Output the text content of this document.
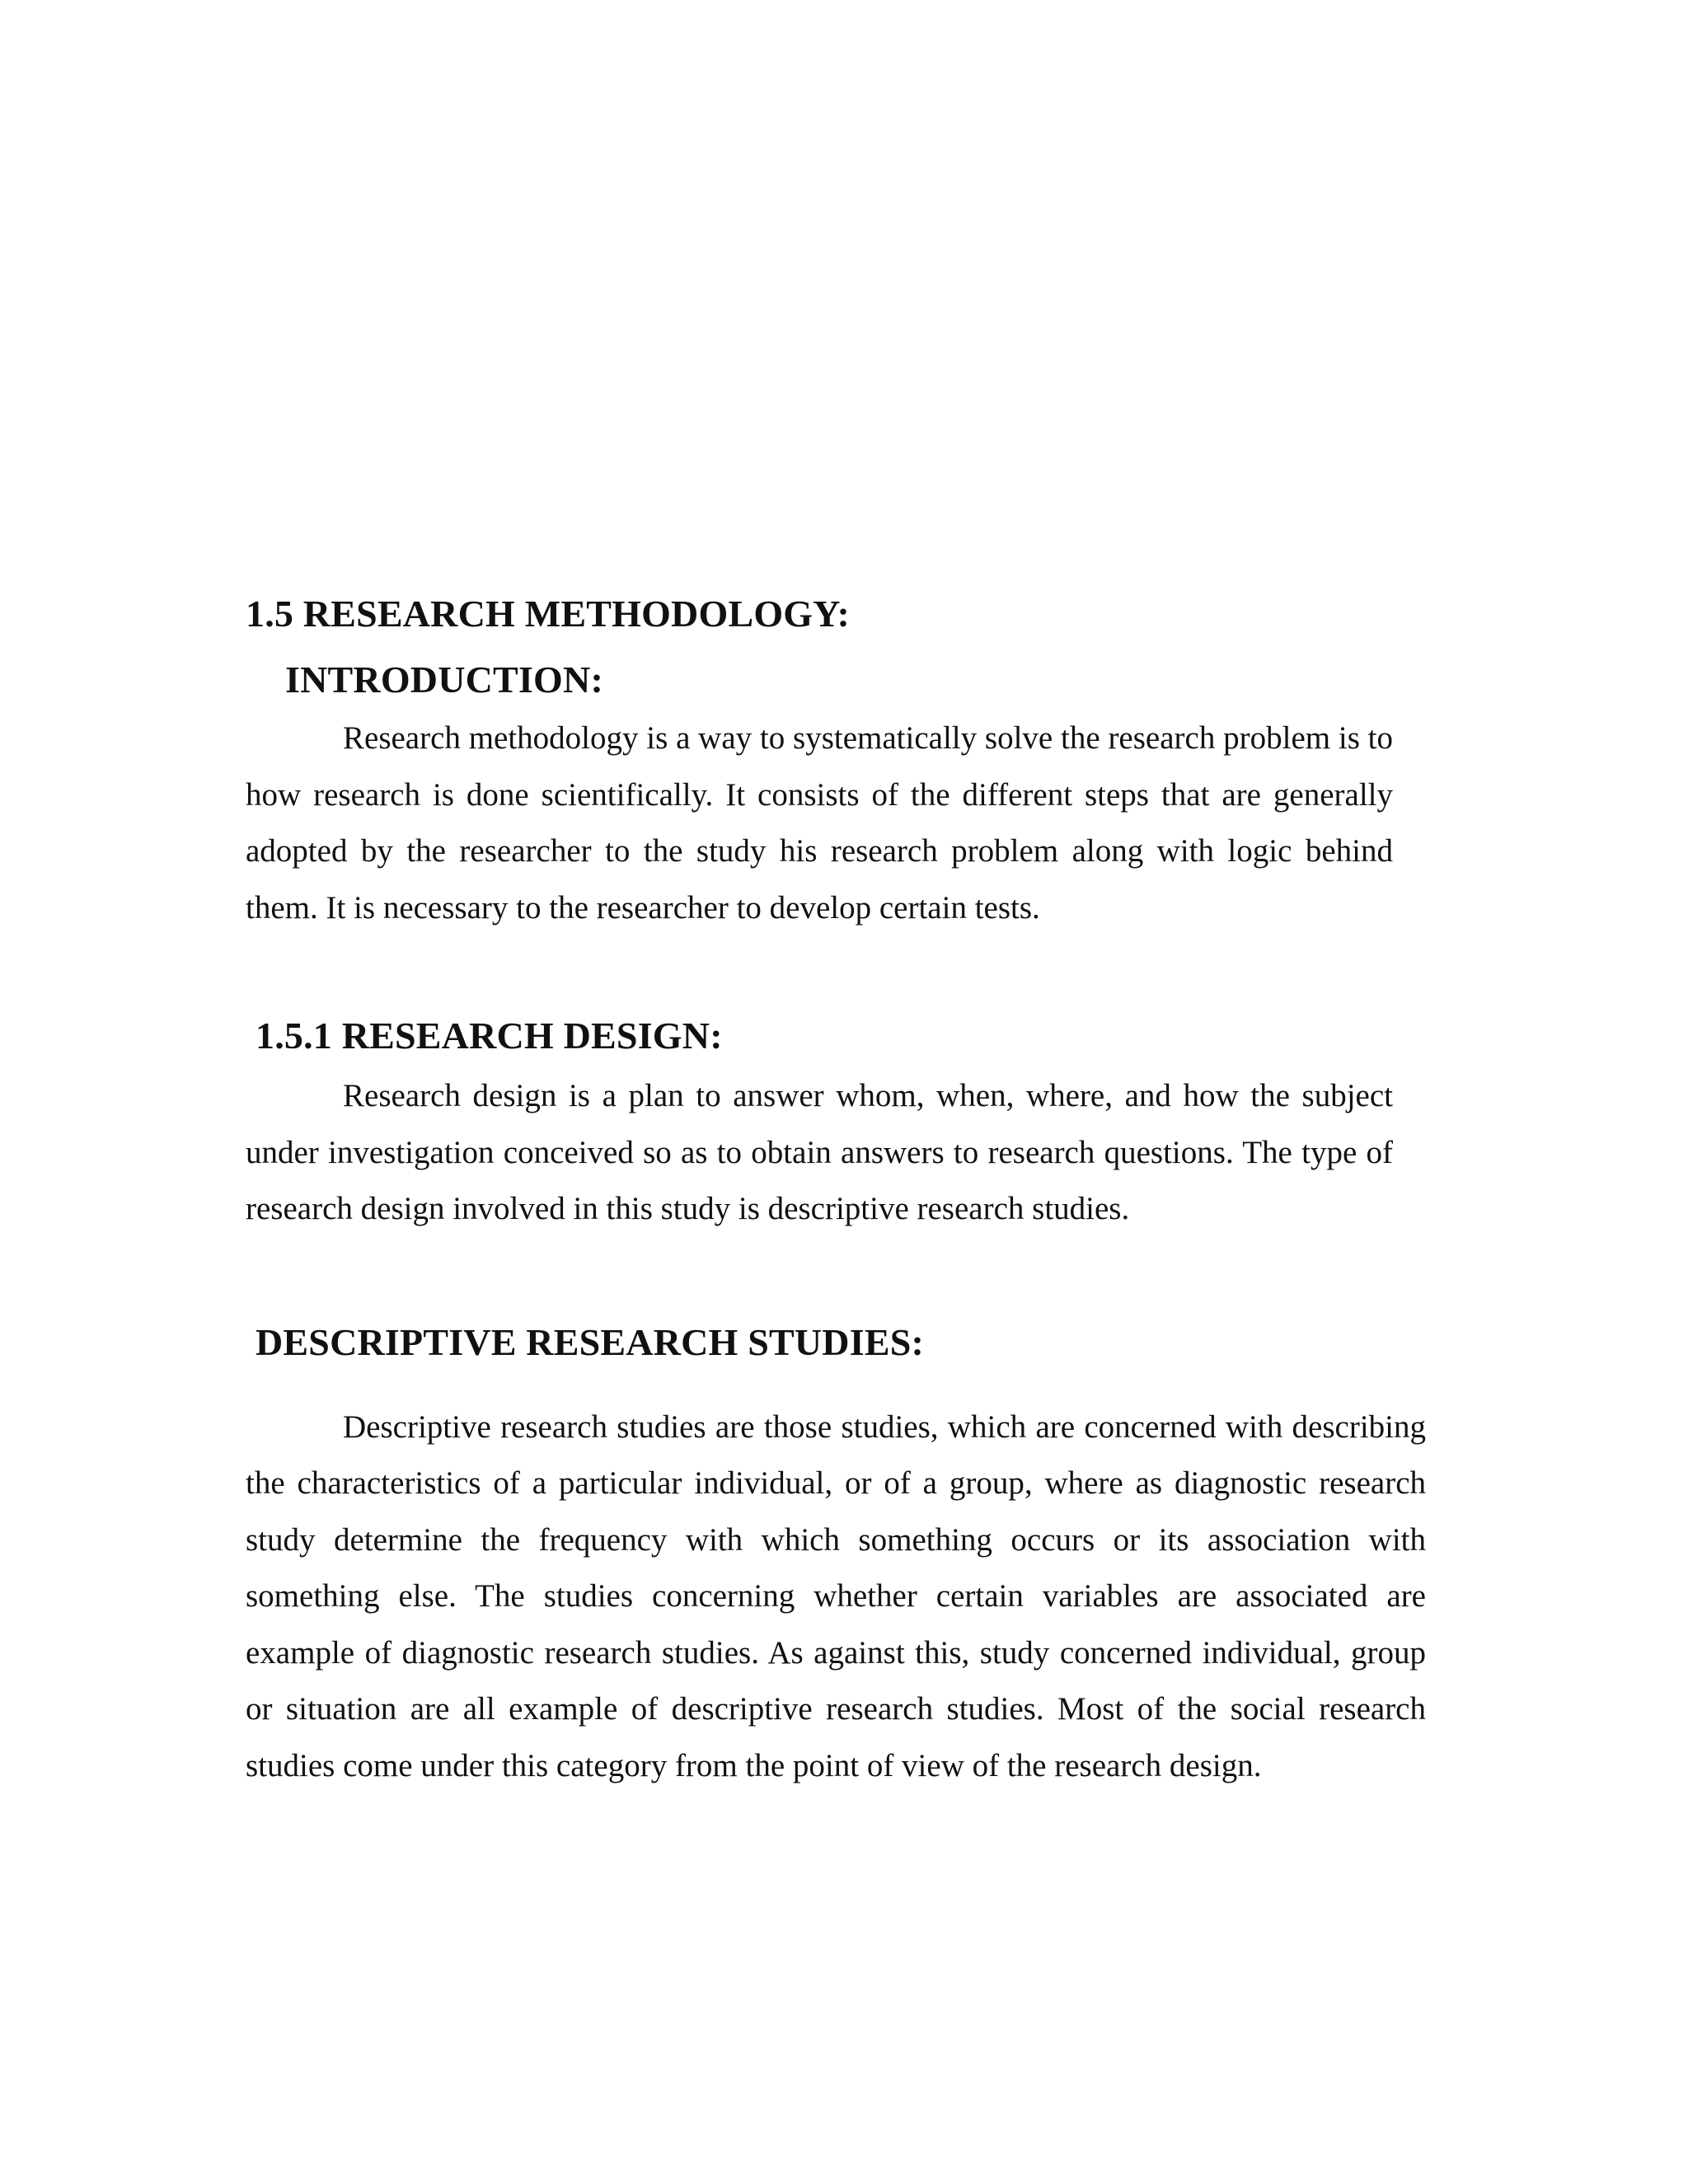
1.5 RESEARCH METHODOLOGY:
INTRODUCTION:

Research methodology is a way to systematically solve the research problem is to how research is done scientifically. It consists of the different steps that are generally adopted by the researcher to the study his research problem along with logic behind them. It is necessary to the researcher to develop certain tests.

1.5.1 RESEARCH DESIGN:

Research design is a plan to answer whom, when, where, and how the subject under investigation conceived so as to obtain answers to research questions. The type of research design involved in this study is descriptive research studies.

DESCRIPTIVE RESEARCH STUDIES:

Descriptive research studies are those studies, which are concerned with describing the characteristics of a particular individual, or of a group, where as diagnostic research study determine the frequency with which something occurs or its association with something else. The studies concerning whether certain variables are associated are example of diagnostic research studies. As against this, study concerned individual, group or situation are all example of descriptive research studies. Most of the social research studies come under this category from the point of view of the research design.
